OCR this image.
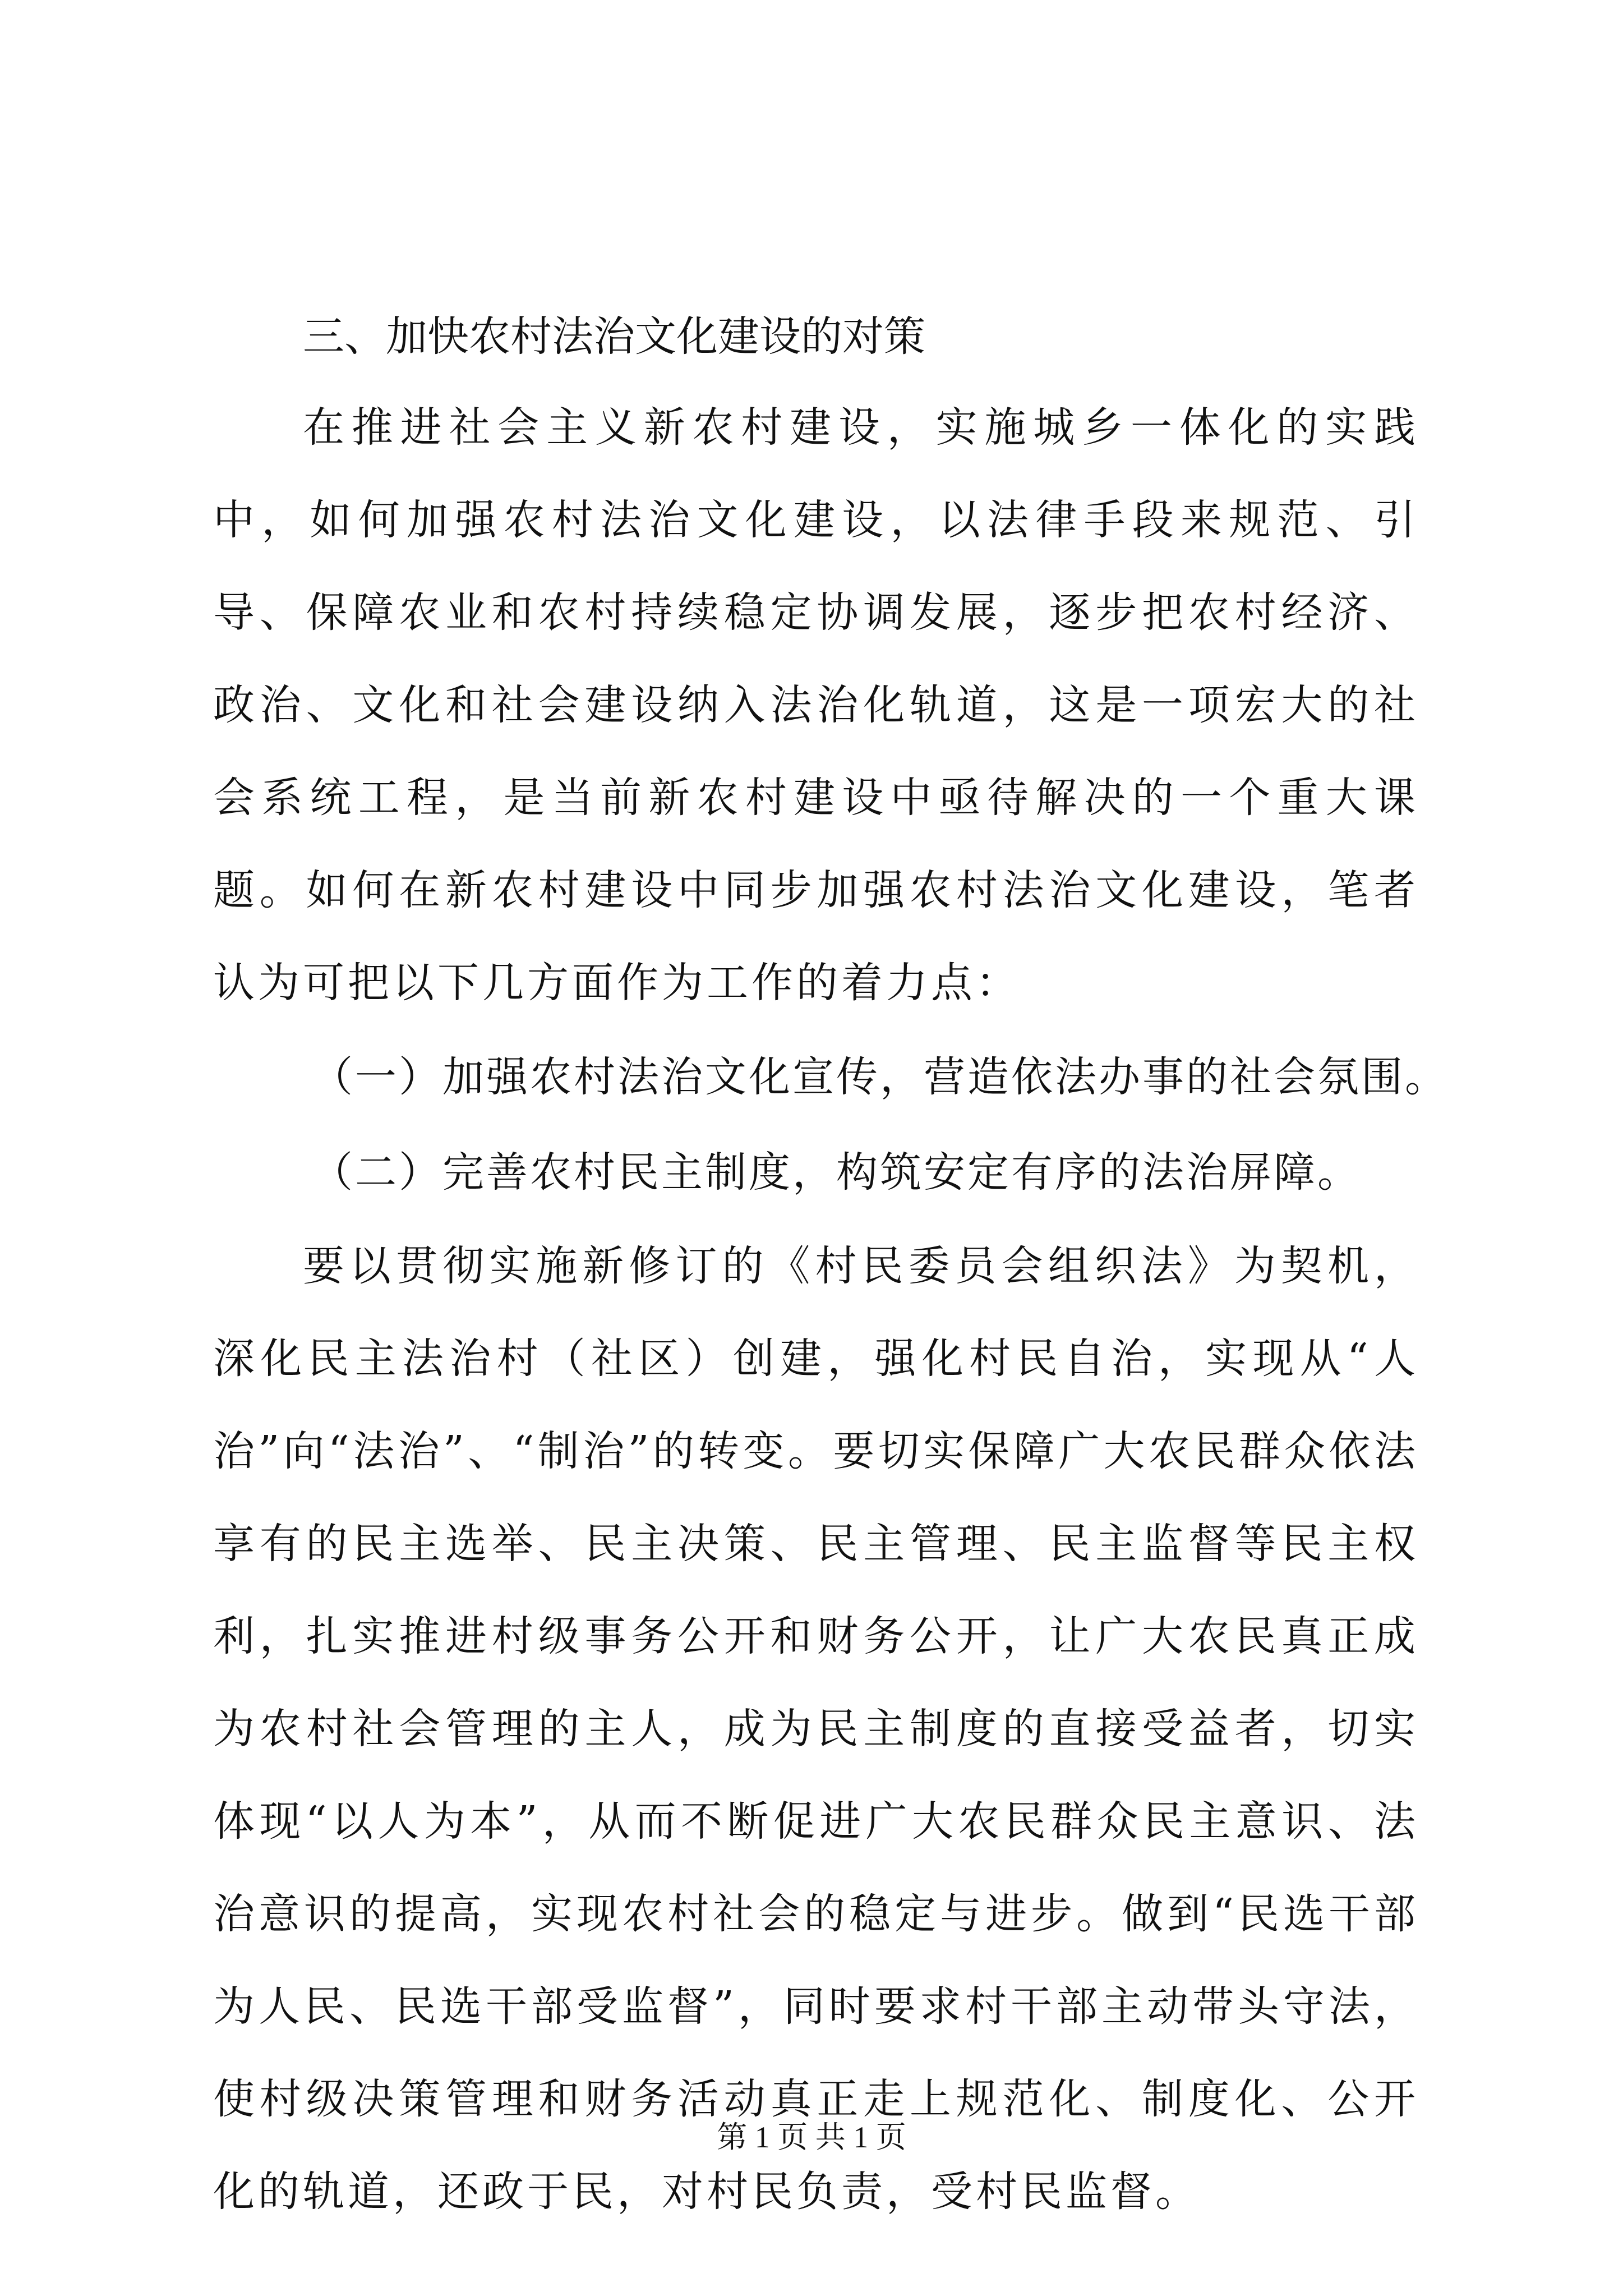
三、加快农村法治文化建设的对策

在推进社会主义新农村建设，实施城乡一体化的实践中，如何加强农村法治文化建设，以法律手段来规范、引导、保障农业和农村持续稳定协调发展，逐步把农村经济、政治、文化和社会建设纳入法治化轨道，这是一项宏大的社会系统工程，是当前新农村建设中亟待解决的一个重大课题。如何在新农村建设中同步加强农村法治文化建设，笔者认为可把以下几方面作为工作的着力点：

（一）加强农村法治文化宣传，营造依法办事的社会氛围。

（二）完善农村民主制度，构筑安定有序的法治屏障。

要以贯彻实施新修订的《村民委员会组织法》为契机，深化民主法治村（社区）创建，强化村民自治，实现从“人治”向“法治”、“制治”的转变。要切实保障广大农民群众依法享有的民主选举、民主决策、民主管理、民主监督等民主权利，扎实推进村级事务公开和财务公开，让广大农民真正成为农村社会管理的主人，成为民主制度的直接受益者，切实体现“以人为本”，从而不断促进广大农民群众民主意识、法治意识的提高，实现农村社会的稳定与进步。做到“民选干部为人民、民选干部受监督”，同时要求村干部主动带头守法，使村级决策管理和财务活动真正走上规范化、制度化、公开化的轨道，还政于民，对村民负责，受村民监督。

第 1 页 共 1 页
